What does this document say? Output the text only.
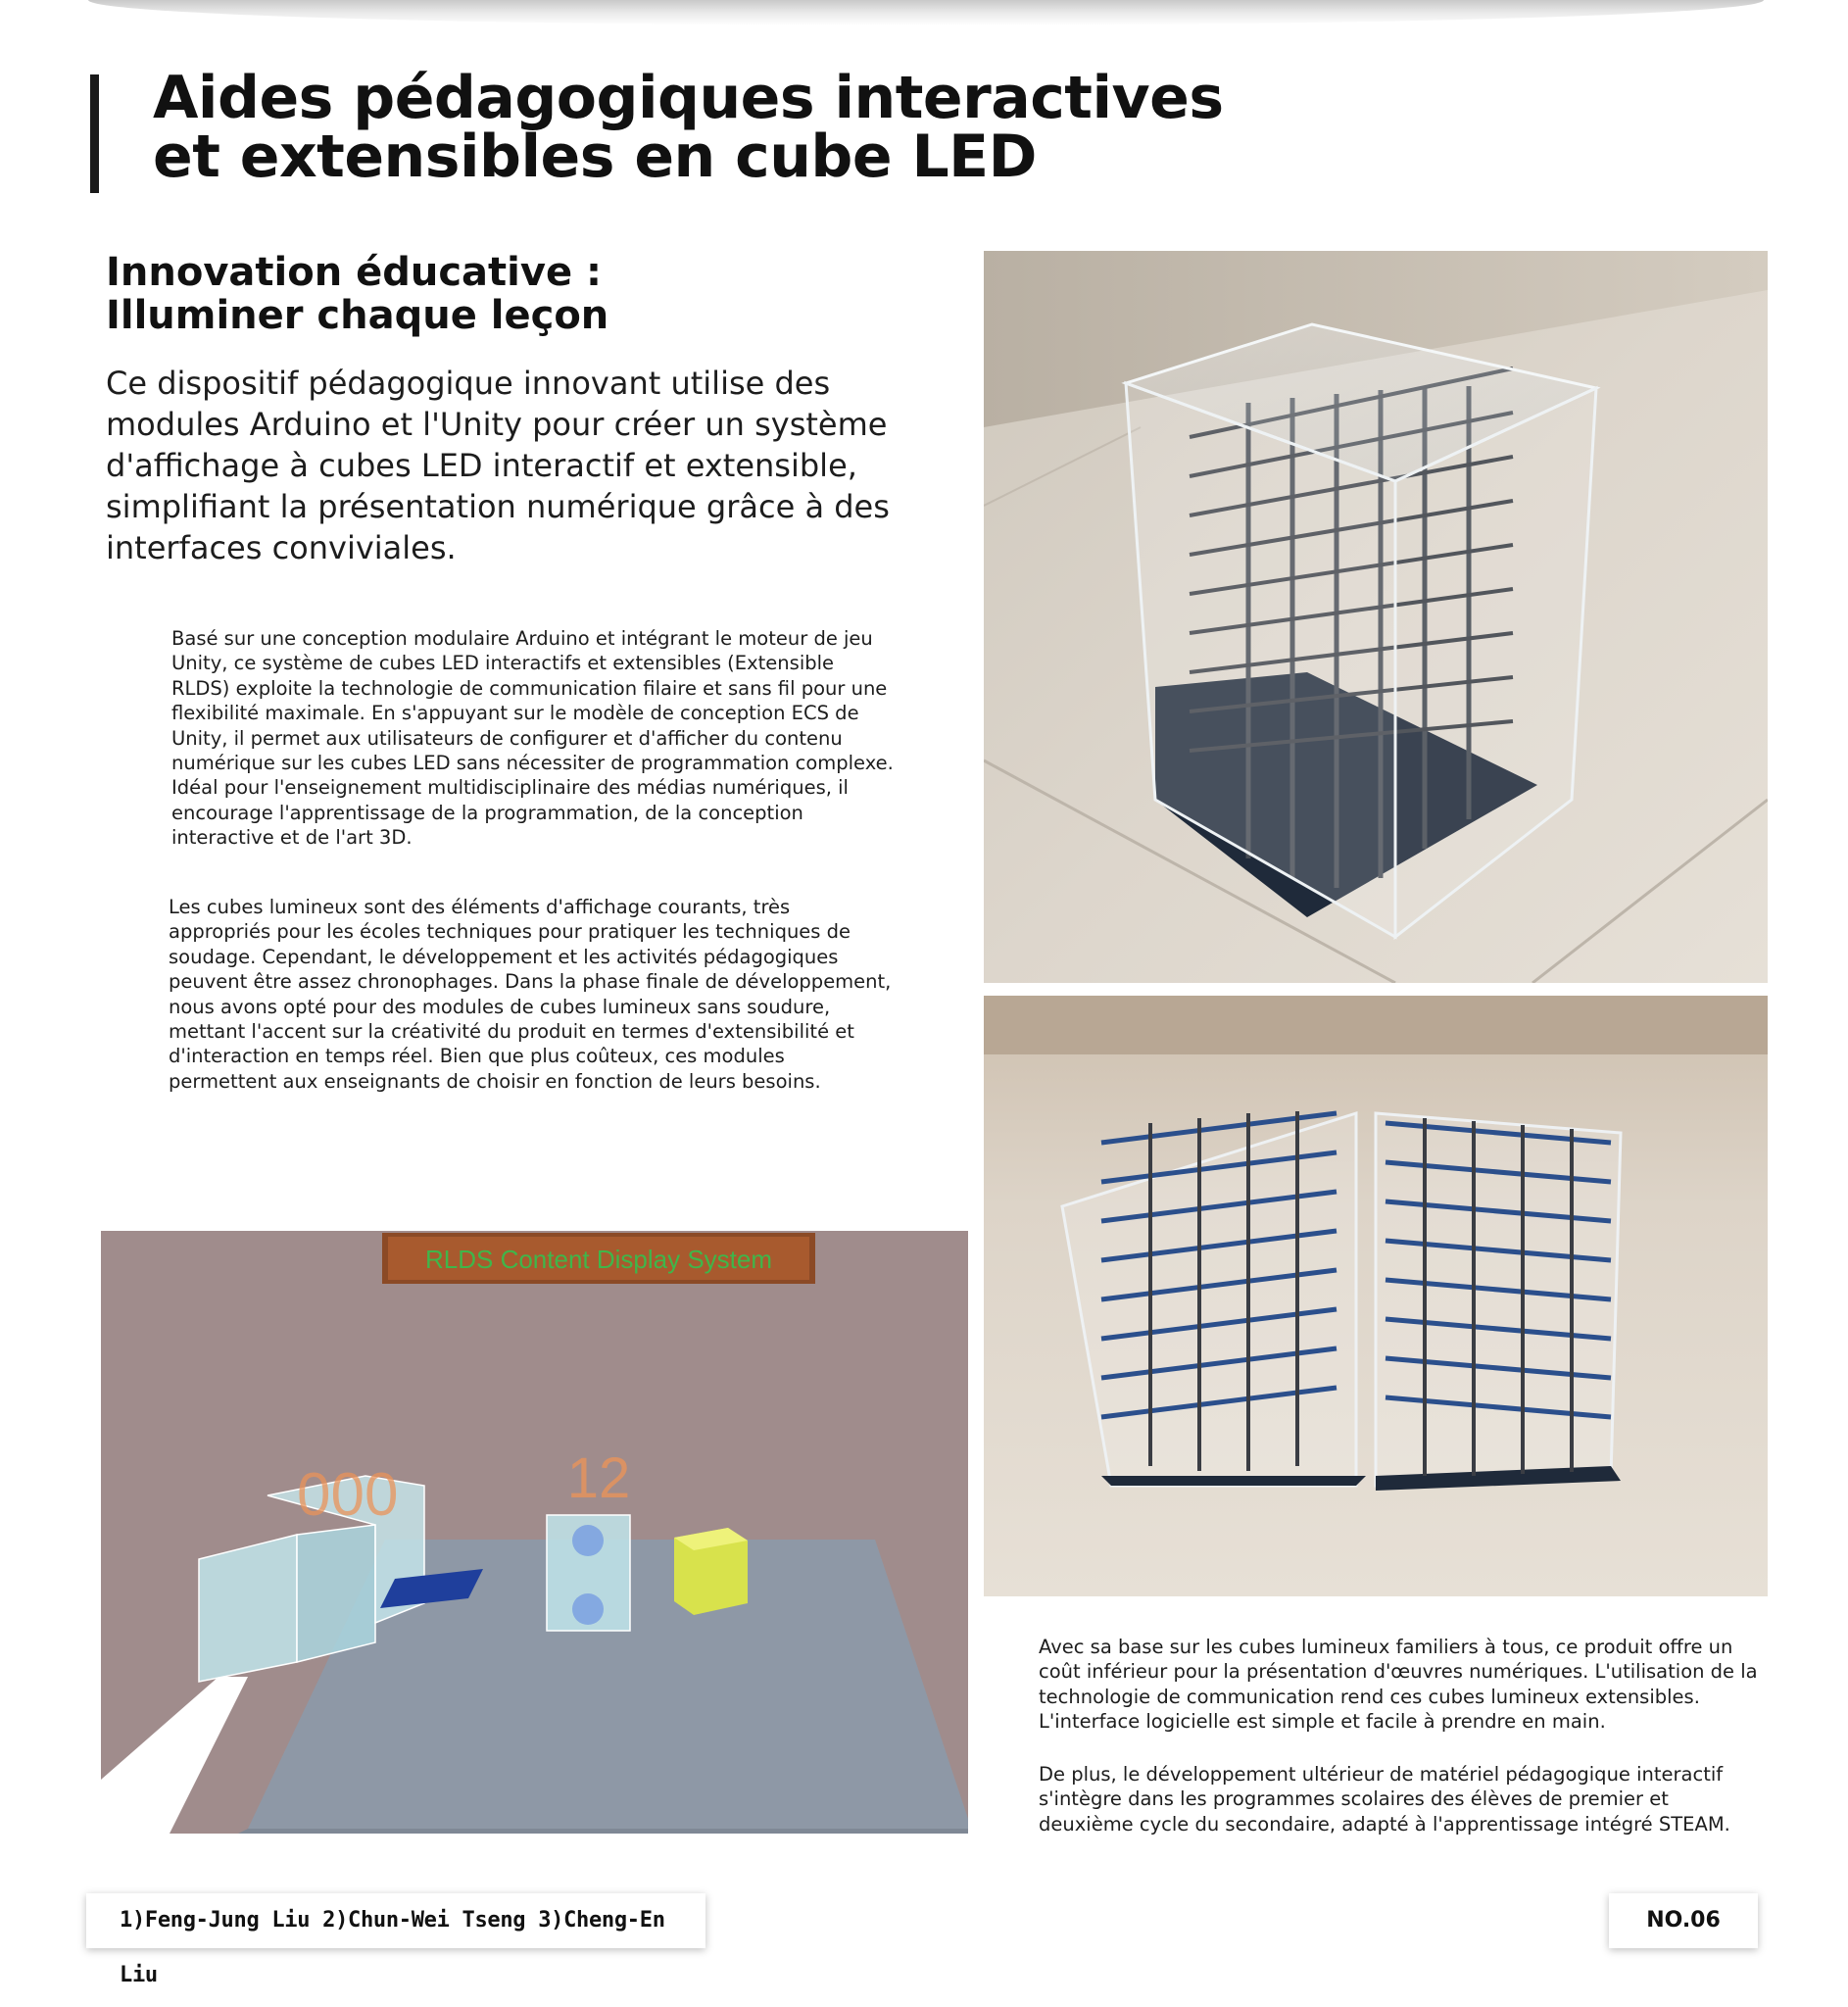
Aides pédagogiques interactives
et extensibles en cube LED
Innovation éducative :
Illuminer chaque leçon

Ce dispositif pédagogique innovant utilise des modules Arduino et l'Unity pour créer un système d'affichage à cubes LED interactif et extensible, simplifiant la présentation numérique grâce à des interfaces conviviales.

Basé sur une conception modulaire Arduino et intégrant le moteur de jeu Unity, ce système de cubes LED interactifs et extensibles (Extensible RLDS) exploite la technologie de communication filaire et sans fil pour une flexibilité maximale. En s'appuyant sur le modèle de conception ECS de Unity, il permet aux utilisateurs de configurer et d'afficher du contenu numérique sur les cubes LED sans nécessiter de programmation complexe. Idéal pour l'enseignement multidisciplinaire des médias numériques, il encourage l'apprentissage de la programmation, de la conception interactive et de l'art 3D.

Les cubes lumineux sont des éléments d'affichage courants, très appropriés pour les écoles techniques pour pratiquer les techniques de soudage. Cependant, le développement et les activités pédagogiques peuvent être assez chronophages. Dans la phase finale de développement, nous avons opté pour des modules de cubes lumineux sans soudure, mettant l'accent sur la créativité du produit en termes d'extensibilité et d'interaction en temps réel. Bien que plus coûteux, ces modules permettent aux enseignants de choisir en fonction de leurs besoins.

Avec sa base sur les cubes lumineux familiers à tous, ce produit offre un coût inférieur pour la présentation d'œuvres numériques. L'utilisation de la technologie de communication rend ces cubes lumineux extensibles. L'interface logicielle est simple et facile à prendre en main.

De plus, le développement ultérieur de matériel pédagogique interactif s'intègre dans les programmes scolaires des élèves de premier et deuxième cycle du secondaire, adapté à l'apprentissage intégré STEAM.

RLDS Content Display System
000	12
1)Feng-Jung Liu 2)Chun-Wei Tseng 3)Cheng-En Liu
NO.06
